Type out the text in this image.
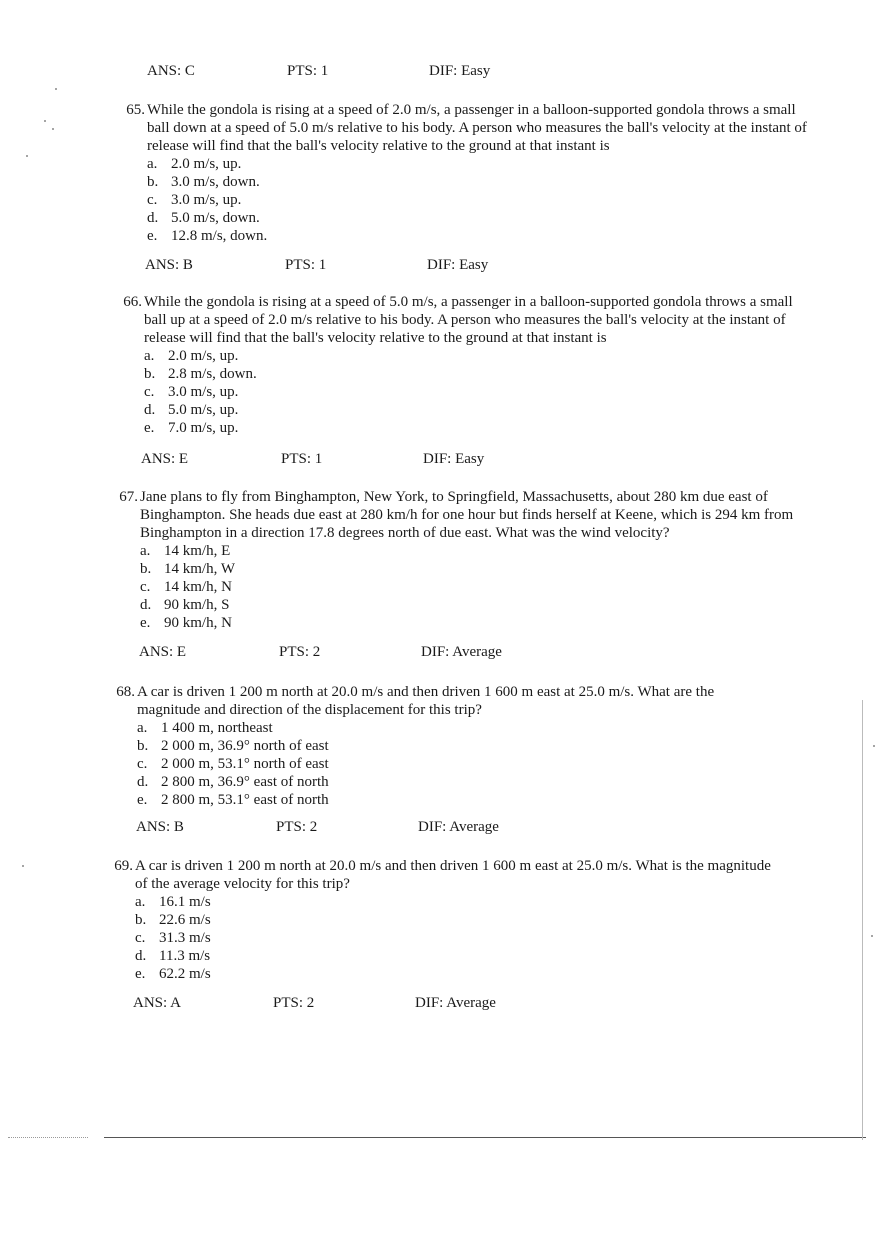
ANS: C	PTS: 1	DIF: Easy
65. While the gondola is rising at a speed of 2.0 m/s, a passenger in a balloon-supported gondola throws a small ball down at a speed of 5.0 m/s relative to his body. A person who measures the ball's velocity at the instant of release will find that the ball's velocity relative to the ground at that instant is

a. 2.0 m/s, up.
b. 3.0 m/s, down.
c. 3.0 m/s, up.
d. 5.0 m/s, down.
e. 12.8 m/s, down.
ANS: B	PTS: 1	DIF: Easy
66. While the gondola is rising at a speed of 5.0 m/s, a passenger in a balloon-supported gondola throws a small ball up at a speed of 2.0 m/s relative to his body. A person who measures the ball's velocity at the instant of release will find that the ball's velocity relative to the ground at that instant is

a. 2.0 m/s, up.
b. 2.8 m/s, down.
c. 3.0 m/s, up.
d. 5.0 m/s, up.
e. 7.0 m/s, up.
ANS: E	PTS: 1	DIF: Easy
67. Jane plans to fly from Binghampton, New York, to Springfield, Massachusetts, about 280 km due east of Binghampton. She heads due east at 280 km/h for one hour but finds herself at Keene, which is 294 km from Binghampton in a direction 17.8 degrees north of due east. What was the wind velocity?

a. 14 km/h, E
b. 14 km/h, W
c. 14 km/h, N
d. 90 km/h, S
e. 90 km/h, N
ANS: E	PTS: 2	DIF: Average
68. A car is driven 1 200 m north at 20.0 m/s and then driven 1 600 m east at 25.0 m/s. What are the magnitude and direction of the displacement for this trip?

a. 1 400 m, northeast
b. 2 000 m, 36.9° north of east
c. 2 000 m, 53.1° north of east
d. 2 800 m, 36.9° east of north
e. 2 800 m, 53.1° east of north
ANS: B	PTS: 2	DIF: Average
69. A car is driven 1 200 m north at 20.0 m/s and then driven 1 600 m east at 25.0 m/s. What is the magnitude of the average velocity for this trip?

a. 16.1 m/s
b. 22.6 m/s
c. 31.3 m/s
d. 11.3 m/s
e. 62.2 m/s
ANS: A	PTS: 2	DIF: Average
